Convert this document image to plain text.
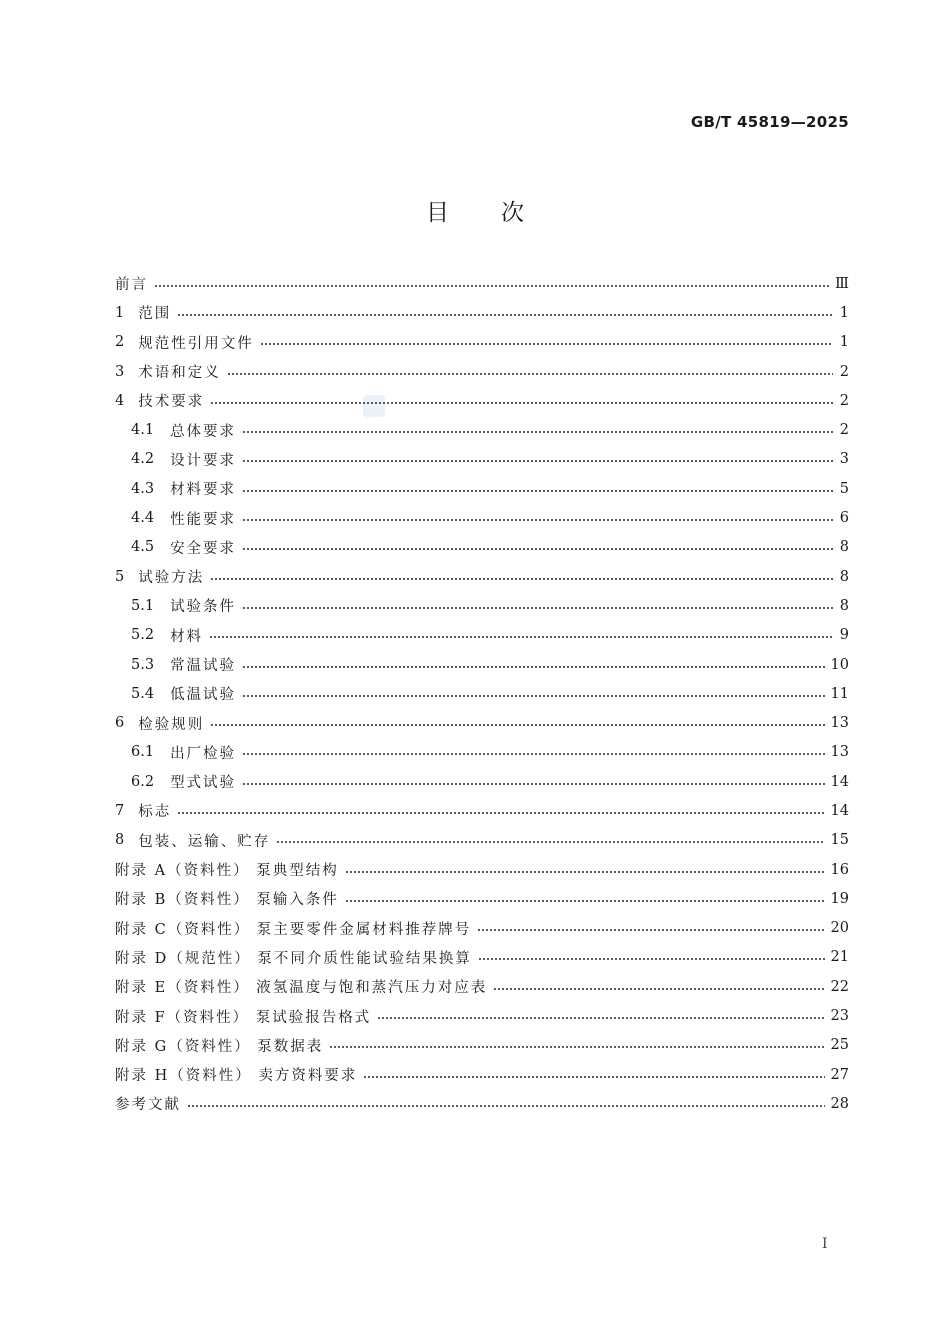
GB/T 45819—2025
目次
前言	Ⅲ
1 范围	1
2 规范性引用文件	1
3 术语和定义	2
4 技术要求	2
4.1 总体要求	2
4.2 设计要求	3
4.3 材料要求	5
4.4 性能要求	6
4.5 安全要求	8
5 试验方法	8
5.1 试验条件	8
5.2 材料	9
5.3 常温试验	10
5.4 低温试验	11
6 检验规则	13
6.1 出厂检验	13
6.2 型式试验	14
7 标志	14
8 包装、运输、贮存	15
附录 A（资料性） 泵典型结构	16
附录 B（资料性） 泵输入条件	19
附录 C（资料性） 泵主要零件金属材料推荐牌号	20
附录 D（规范性） 泵不同介质性能试验结果换算	21
附录 E（资料性） 液氢温度与饱和蒸汽压力对应表	22
附录 F（资料性） 泵试验报告格式	23
附录 G（资料性） 泵数据表	25
附录 H（资料性） 卖方资料要求	27
参考文献	28
I
